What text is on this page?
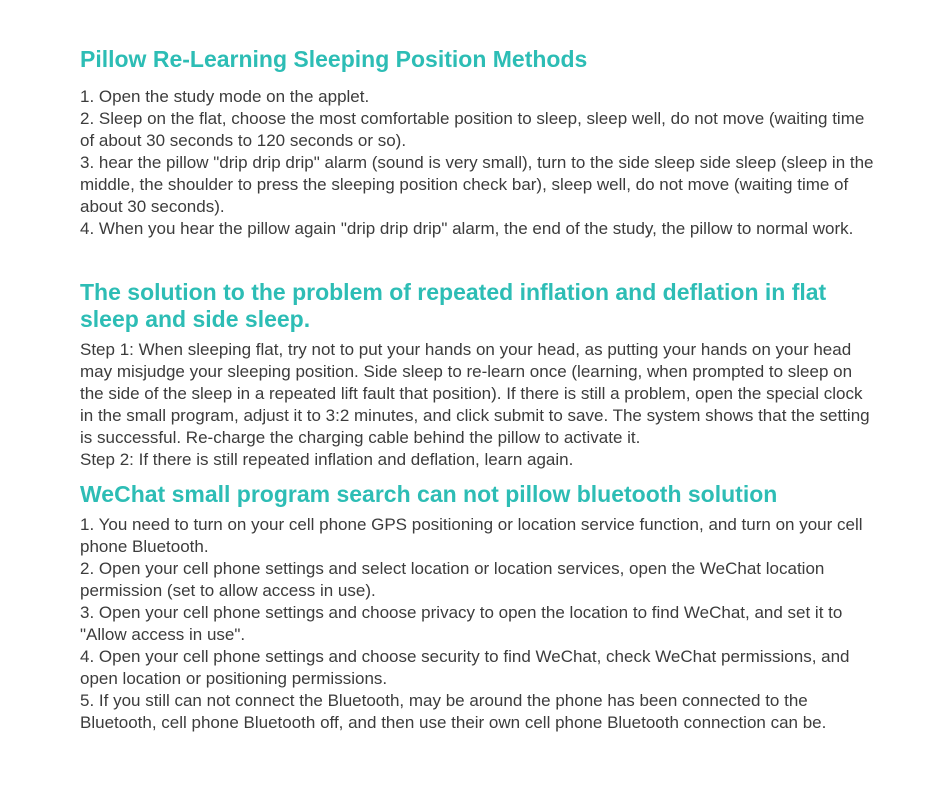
Pillow Re-Learning Sleeping Position Methods

1. Open the study mode on the applet.

2. Sleep on the flat, choose the most comfortable position to sleep, sleep well, do not move (waiting time of about 30 seconds to 120 seconds or so).

3. hear the pillow "drip drip drip" alarm (sound is very small), turn to the side sleep side sleep (sleep in the middle, the shoulder to press the sleeping position check bar), sleep well, do not move (waiting time of about 30 seconds).

4. When you hear the pillow again "drip drip drip" alarm, the end of the study, the pillow to normal work.

The solution to the problem of repeated inflation and deflation in flat sleep and side sleep.

Step 1: When sleeping flat, try not to put your hands on your head, as putting your hands on your head may misjudge your sleeping position. Side sleep to re-learn once (learning, when prompted to sleep on the side of the sleep in a repeated lift fault that position). If there is still a problem, open the special clock in the small program, adjust it to 3:2 minutes, and click submit to save. The system shows that the setting is successful. Re-charge the charging cable behind the pillow to activate it.

Step 2: If there is still repeated inflation and deflation, learn again.

WeChat small program search can not pillow bluetooth solution

1. You need to turn on your cell phone GPS positioning or location service function, and turn on your cell phone Bluetooth.

2. Open your cell phone settings and select location or location services, open the WeChat location permission (set to allow access in use).

3. Open your cell phone settings and choose privacy to open the location to find WeChat, and set it to "Allow access in use".

4. Open your cell phone settings and choose security to find WeChat, check WeChat permissions, and open location or positioning permissions.

5. If you still can not connect the Bluetooth, may be around the phone has been connected to the Bluetooth, cell phone Bluetooth off, and then use their own cell phone Bluetooth connection can be.
